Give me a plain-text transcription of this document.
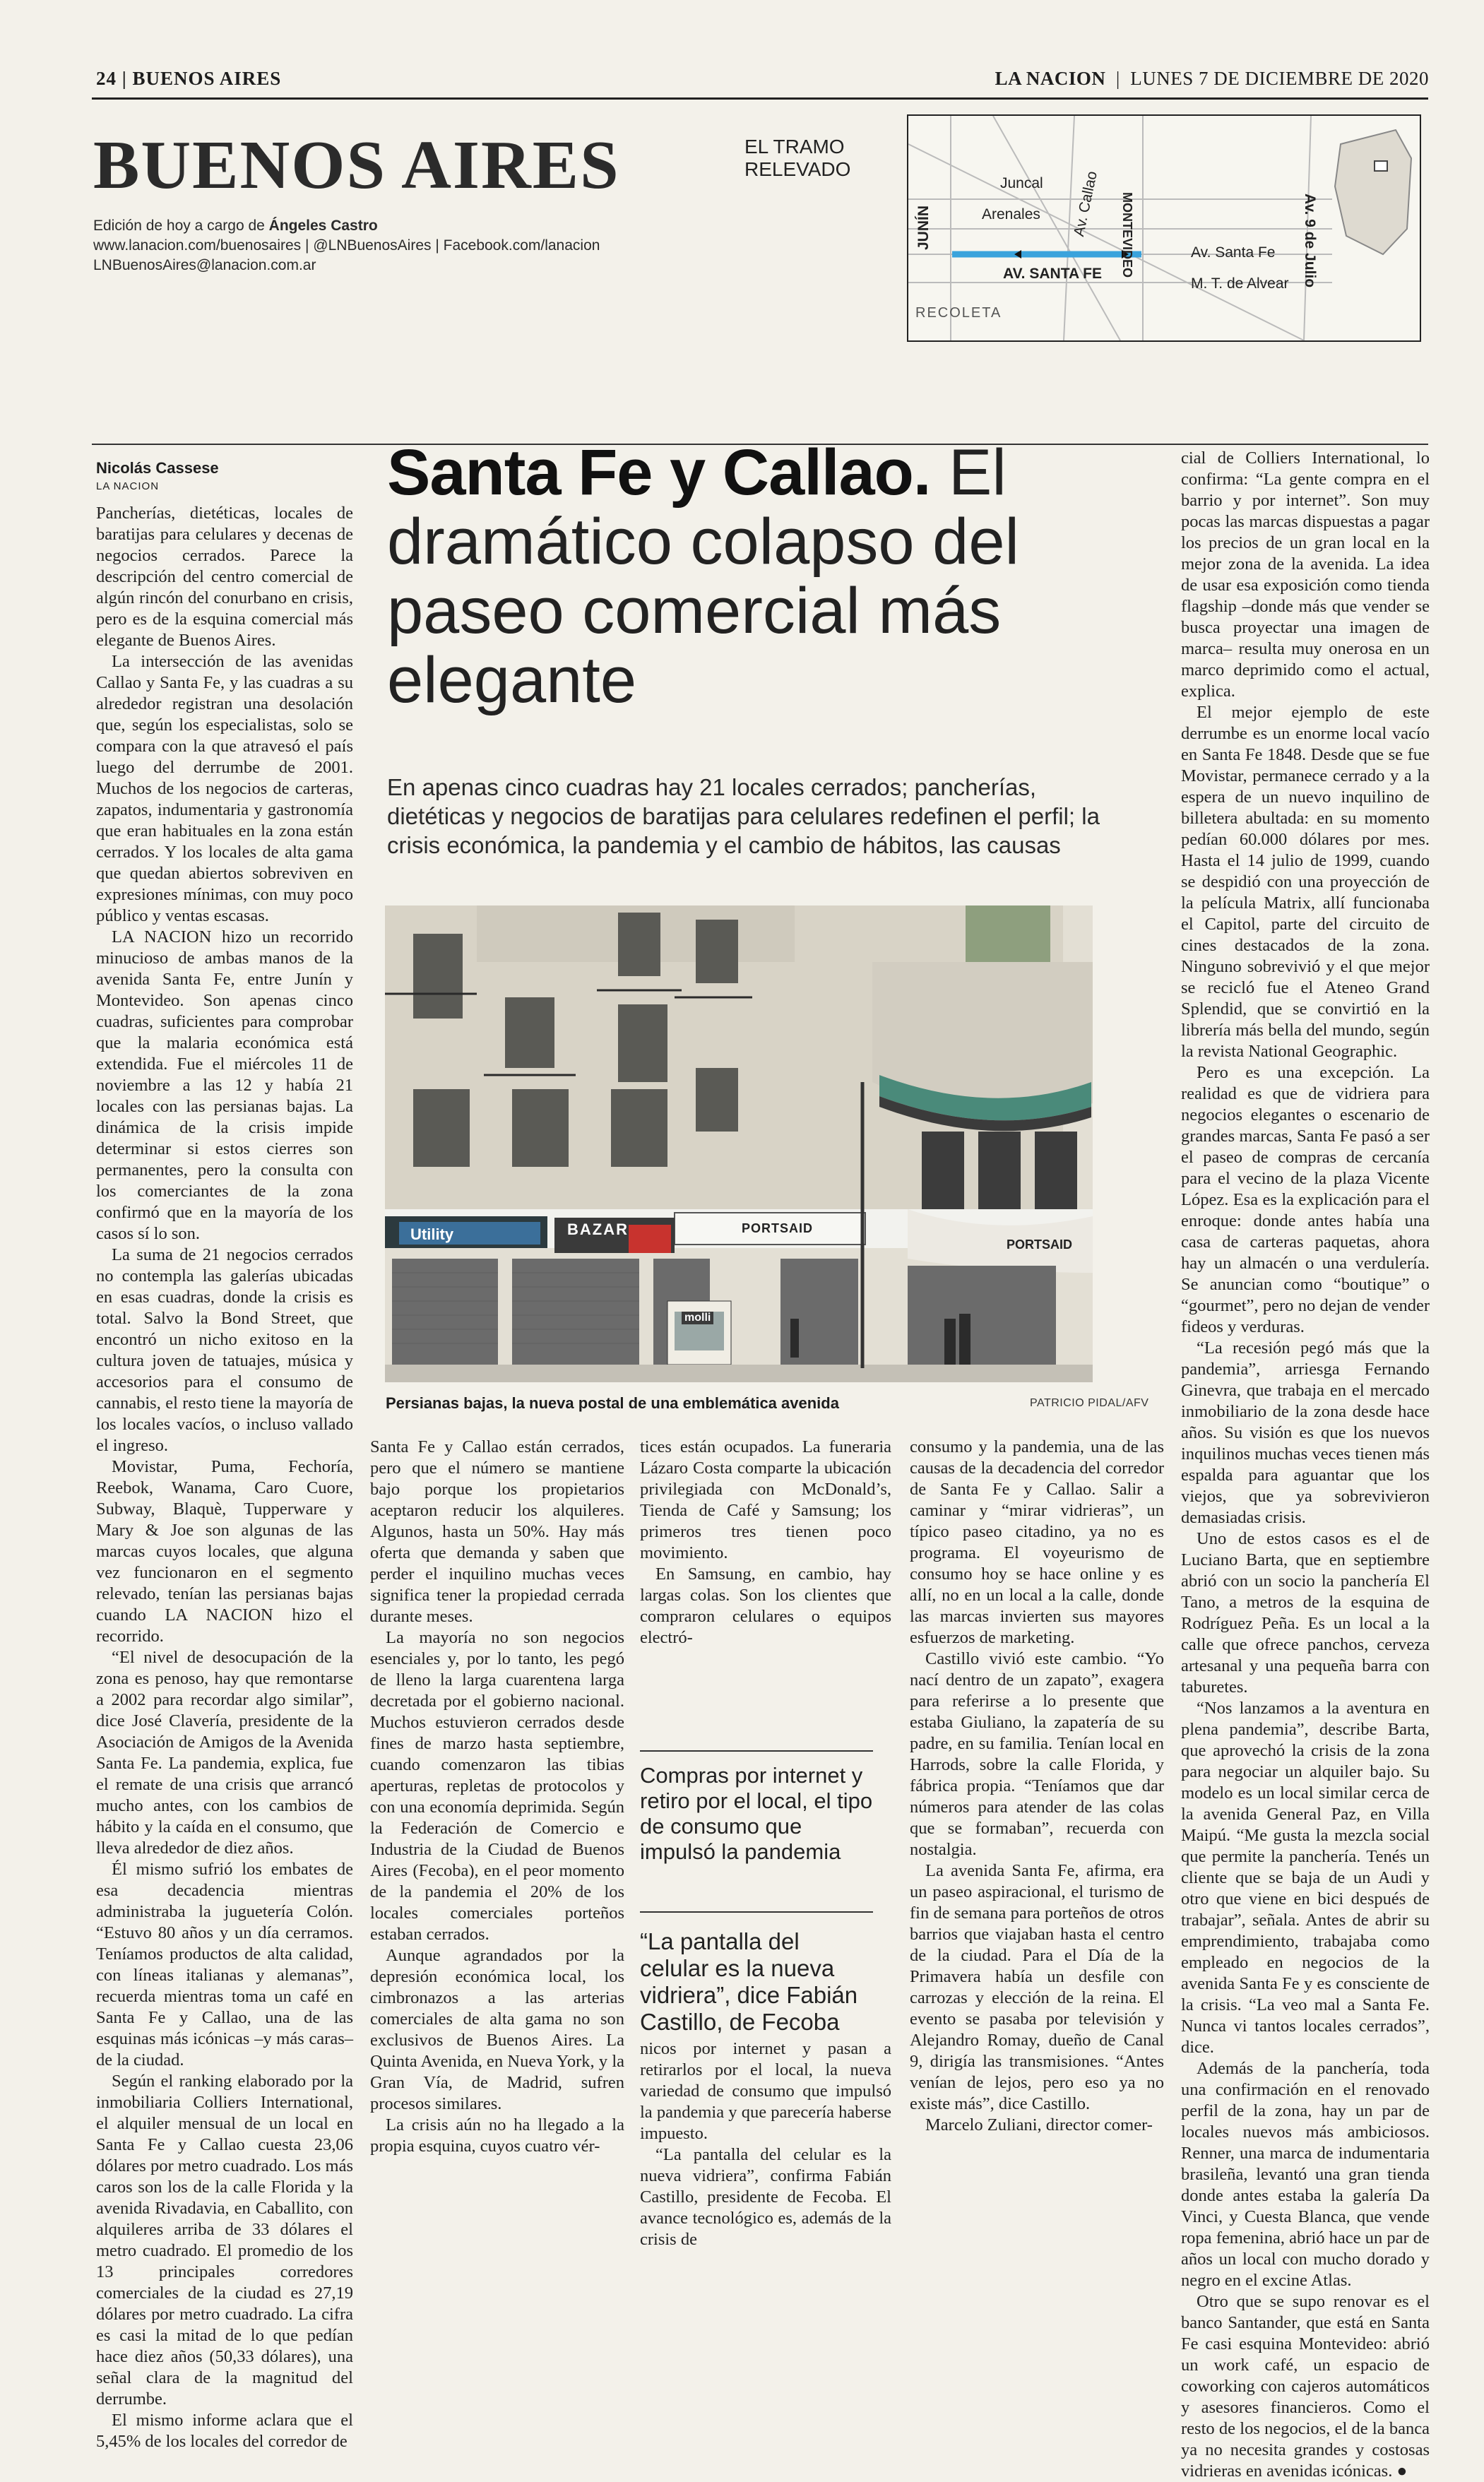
24 | BUENOS AIRES	LA NACION  |  LUNES 7 DE DICIEMBRE DE 2020
BUENOS AIRES
Edición de hoy a cargo de Ángeles Castro
www.lanacion.com/buenosaires | @LNBuenosAires | Facebook.com/lanacion
LNBuenosAires@lanacion.com.ar
EL TRAMO
RELEVADO
Juncal
Arenales
JUNÍN	Av. Callao MONTEVIDEO
AV. SANTA FE
Av. Santa Fe
M. T. de Alvear Av. 9 de Julio
RECOLETA
Nicolás Cassese
LA NACION

Pancherías, dietéticas, locales de baratijas para celulares y decenas de negocios cerrados. Parece la descripción del centro comercial de algún rincón del conurbano en crisis, pero es de la esquina comercial más elegante de Buenos Aires.

La intersección de las avenidas Callao y Santa Fe, y las cuadras a su alrededor registran una desolación que, según los especialistas, solo se compara con la que atravesó el país luego del derrumbe de 2001. Muchos de los negocios de carteras, zapatos, indumentaria y gastronomía que eran habituales en la zona están cerrados. Y los locales de alta gama que quedan abiertos sobreviven en expresiones mínimas, con muy poco público y ventas escasas.

LA NACION hizo un recorrido minucioso de ambas manos de la avenida Santa Fe, entre Junín y Montevideo. Son apenas cinco cuadras, suficientes para comprobar que la malaria económica está extendida. Fue el miércoles 11 de noviembre a las 12 y había 21 locales con las persianas bajas. La dinámica de la crisis impide determinar si estos cierres son permanentes, pero la consulta con los comerciantes de la zona confirmó que en la mayoría de los casos sí lo son.

La suma de 21 negocios cerrados no contempla las galerías ubicadas en esas cuadras, donde la crisis es total. Salvo la Bond Street, que encontró un nicho exitoso en la cultura joven de tatuajes, música y accesorios para el consumo de cannabis, el resto tiene la mayoría de los locales vacíos, o incluso vallado el ingreso.

Movistar, Puma, Fechoría, Reebok, Wanama, Caro Cuore, Subway, Blaquè, Tupperware y Mary & Joe son algunas de las marcas cuyos locales, que alguna vez funcionaron en el segmento relevado, tenían las persianas bajas cuando LA NACION hizo el recorrido.

“El nivel de desocupación de la zona es penoso, hay que remontarse a 2002 para recordar algo similar”, dice José Clavería, presidente de la Asociación de Amigos de la Avenida Santa Fe. La pandemia, explica, fue el remate de una crisis que arrancó mucho antes, con los cambios de hábito y la caída en el consumo, que lleva alrededor de diez años.

Él mismo sufrió los embates de esa decadencia mientras administraba la juguetería Colón. “Estuvo 80 años y un día cerramos. Teníamos productos de alta calidad, con líneas italianas y alemanas”, recuerda mientras toma un café en Santa Fe y Callao, una de las esquinas más icónicas –y más caras– de la ciudad.

Según el ranking elaborado por la inmobiliaria Colliers International, el alquiler mensual de un local en Santa Fe y Callao cuesta 23,06 dólares por metro cuadrado. Los más caros son los de la calle Florida y la avenida Rivadavia, en Caballito, con alquileres arriba de 33 dólares el metro cuadrado. El promedio de los 13 principales corredores comerciales de la ciudad es 27,19 dólares por metro cuadrado. La cifra es casi la mitad de lo que pedían hace diez años (50,33 dólares), una señal clara de la magnitud del derrumbe.

El mismo informe aclara que el 5,45% de los locales del corredor de

Santa Fe y Callao. El dramático colapso del paseo comercial más elegante
En apenas cinco cuadras hay 21 locales cerrados; pancherías, dietéticas y negocios de baratijas para celulares redefinen el perfil; la crisis económica, la pandemia y el cambio de hábitos, las causas
Utility	BAZAR	PORTSAID
PORTSAID
molli
Persianas bajas, la nueva postal de una emblemática avenida	PATRICIO PIDAL/AFV

Santa Fe y Callao están cerrados, pero que el número se mantiene bajo porque los propietarios aceptaron reducir los alquileres. Algunos, hasta un 50%. Hay más oferta que demanda y saben que perder el inquilino muchas veces significa tener la propiedad cerrada durante meses.

La mayoría no son negocios esenciales y, por lo tanto, les pegó de lleno la larga cuarentena larga decretada por el gobierno nacional. Muchos estuvieron cerrados desde fines de marzo hasta septiembre, cuando comenzaron las tibias aperturas, repletas de protocolos y con una economía deprimida. Según la Federación de Comercio e Industria de la Ciudad de Buenos Aires (Fecoba), en el peor momento de la pandemia el 20% de los locales comerciales porteños estaban cerrados.

Aunque agrandados por la depresión económica local, los cimbronazos a las arterias comerciales de alta gama no son exclusivos de Buenos Aires. La Quinta Avenida, en Nueva York, y la Gran Vía, de Madrid, sufren procesos similares.

La crisis aún no ha llegado a la propia esquina, cuyos cuatro vér-

tices están ocupados. La funeraria Lázaro Costa comparte la ubicación privilegiada con McDonald’s, Tienda de Café y Samsung; los primeros tres tienen poco movimiento.

En Samsung, en cambio, hay largas colas. Son los clientes que compraron celulares o equipos electró-

Compras por internet y retiro por el local, el tipo de consumo que impulsó la pandemia
“La pantalla del celular es la nueva vidriera”, dice Fabián Castillo, de Fecoba

nicos por internet y pasan a retirarlos por el local, la nueva variedad de consumo que impulsó la pandemia y que parecería haberse impuesto.

“La pantalla del celular es la nueva vidriera”, confirma Fabián Castillo, presidente de Fecoba. El avance tecnológico es, además de la crisis de

consumo y la pandemia, una de las causas de la decadencia del corredor de Santa Fe y Callao. Salir a caminar y “mirar vidrieras”, un típico paseo citadino, ya no es programa. El voyeurismo de consumo hoy se hace online y es allí, no en un local a la calle, donde las marcas invierten sus mayores esfuerzos de marketing.

Castillo vivió este cambio. “Yo nací dentro de un zapato”, exagera para referirse a lo presente que estaba Giuliano, la zapatería de su padre, en su familia. Tenían local en Harrods, sobre la calle Florida, y fábrica propia. “Teníamos que dar números para atender de las colas que se formaban”, recuerda con nostalgia.

La avenida Santa Fe, afirma, era un paseo aspiracional, el turismo de fin de semana para porteños de otros barrios que viajaban hasta el centro de la ciudad. Para el Día de la Primavera había un desfile con carrozas y elección de la reina. El evento se pasaba por televisión y Alejandro Romay, dueño de Canal 9, dirigía las transmisiones. “Antes venían de lejos, pero eso ya no existe más”, dice Castillo.

Marcelo Zuliani, director comer-

cial de Colliers International, lo confirma: “La gente compra en el barrio y por internet”. Son muy pocas las marcas dispuestas a pagar los precios de un gran local en la mejor zona de la avenida. La idea de usar esa exposición como tienda flagship –donde más que vender se busca proyectar una imagen de marca– resulta muy onerosa en un marco deprimido como el actual, explica.

El mejor ejemplo de este derrumbe es un enorme local vacío en Santa Fe 1848. Desde que se fue Movistar, permanece cerrado y a la espera de un nuevo inquilino de billetera abultada: en su momento pedían 60.000 dólares por mes. Hasta el 14 julio de 1999, cuando se despidió con una proyección de la película Matrix, allí funcionaba el Capitol, parte del circuito de cines destacados de la zona. Ninguno sobrevivió y el que mejor se recicló fue el Ateneo Grand Splendid, que se convirtió en la librería más bella del mundo, según la revista National Geographic.

Pero es una excepción. La realidad es que de vidriera para negocios elegantes o escenario de grandes marcas, Santa Fe pasó a ser el paseo de compras de cercanía para el vecino de la plaza Vicente López. Esa es la explicación para el enroque: donde antes había una casa de carteras paquetas, ahora hay un almacén o una verdulería. Se anuncian como “boutique” o “gourmet”, pero no dejan de vender fideos y verduras.

“La recesión pegó más que la pandemia”, arriesga Fernando Ginevra, que trabaja en el mercado inmobiliario de la zona desde hace años. Su visión es que los nuevos inquilinos muchas veces tienen más espalda para aguantar que los viejos, que ya sobrevivieron demasiadas crisis.

Uno de estos casos es el de Luciano Barta, que en septiembre abrió con un socio la panchería El Tano, a metros de la esquina de Rodríguez Peña. Es un local a la calle que ofrece panchos, cerveza artesanal y una pequeña barra con taburetes.

“Nos lanzamos a la aventura en plena pandemia”, describe Barta, que aprovechó la crisis de la zona para negociar un alquiler bajo. Su modelo es un local similar cerca de la avenida General Paz, en Villa Maipú. “Me gusta la mezcla social que permite la panchería. Tenés un cliente que se baja de un Audi y otro que viene en bici después de trabajar”, señala. Antes de abrir su emprendimiento, trabajaba como empleado en negocios de la avenida Santa Fe y es consciente de la crisis. “La veo mal a Santa Fe. Nunca vi tantos locales cerrados”, dice.

Además de la panchería, toda una confirmación en el renovado perfil de la zona, hay un par de locales nuevos más ambiciosos. Renner, una marca de indumentaria brasileña, levantó una gran tienda donde antes estaba la galería Da Vinci, y Cuesta Blanca, que vende ropa femenina, abrió hace un par de años un local con mucho dorado y negro en el excine Atlas.

Otro que se supo renovar es el banco Santander, que está en Santa Fe casi esquina Montevideo: abrió un work café, un espacio de coworking con cajeros automáticos y asesores financieros. Como el resto de los negocios, el de la banca ya no necesita grandes y costosas vidrieras en avenidas icónicas. ●
